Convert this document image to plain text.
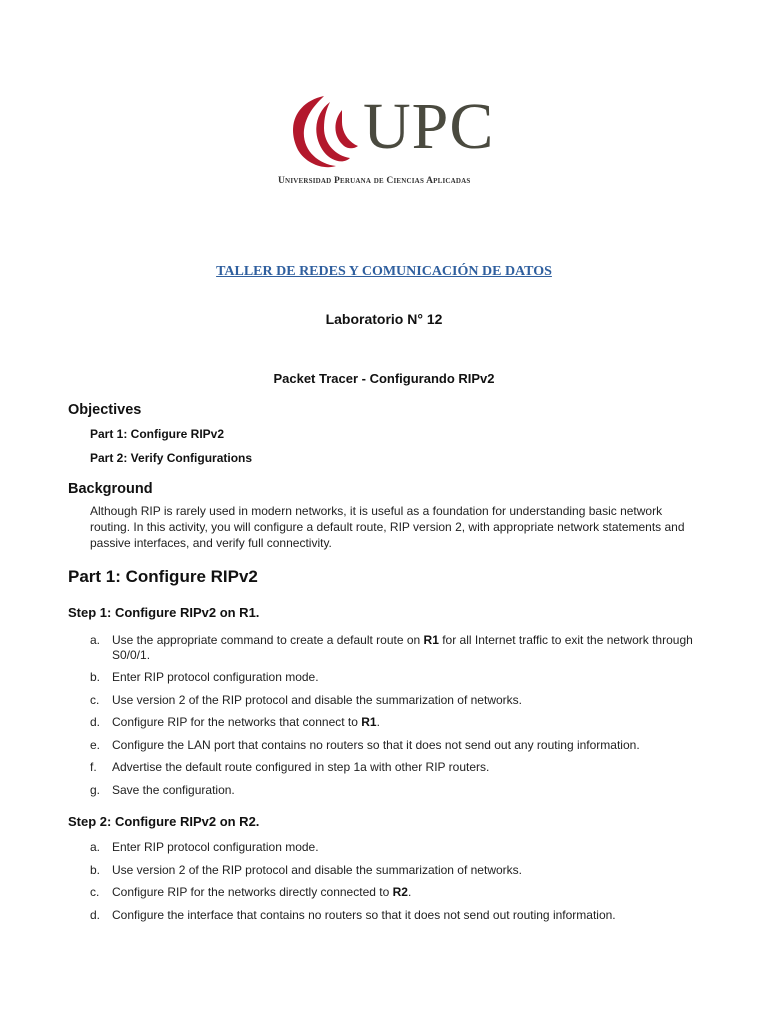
UPC
Universidad Peruana de Ciencias Aplicadas
TALLER DE REDES Y COMUNICACIÓN DE DATOS
Laboratorio N° 12
Packet Tracer - Configurando RIPv2
Objectives
Part 1: Configure RIPv2
Part 2: Verify Configurations
Background
Although RIP is rarely used in modern networks, it is useful as a foundation for understanding basic network routing. In this activity, you will configure a default route, RIP version 2, with appropriate network statements and passive interfaces, and verify full connectivity.
Part 1: Configure RIPv2
Step 1: Configure RIPv2 on R1.
a. Use the appropriate command to create a default route on R1 for all Internet traffic to exit the network through S0/0/1.
b. Enter RIP protocol configuration mode.
c.	Use version 2 of the RIP protocol and disable the summarization of networks.
d. Configure RIP for the networks that connect to R1.
e. Configure the LAN port that contains no routers so that it does not send out any routing information.
f.	Advertise the default route configured in step 1a with other RIP routers.
g. Save the configuration.
Step 2: Configure RIPv2 on R2.
a. Enter RIP protocol configuration mode.
b. Use version 2 of the RIP protocol and disable the summarization of networks.
c.	Configure RIP for the networks directly connected to R2.
d. Configure the interface that contains no routers so that it does not send out routing information.
